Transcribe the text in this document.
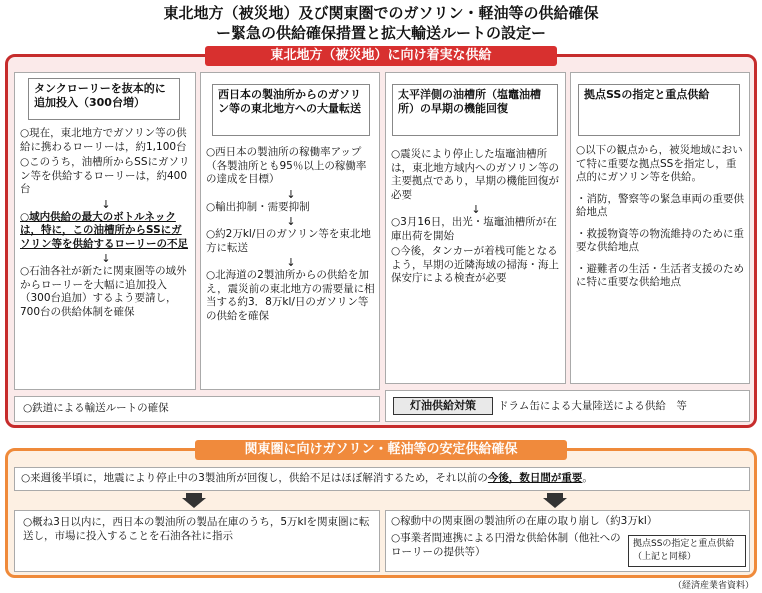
東北地方（被災地）及び関東圏でのガソリン・軽油等の供給確保
ー緊急の供給確保措置と拡大輸送ルートの設定ー
東北地方（被災地）に向け着実な供給
タンクローリーを抜本的に追加投入（300台増）

○現在，東北地方でガソリン等の供給に携わるローリーは，約1,100台

○このうち，油槽所からSSにガソリン等を供給するローリーは，約400台

↓

○域内供給の最大のボトルネックは，特に，この油槽所からSSにガソリン等を供給するローリーの不足

↓

○石油各社が新たに関東圏等の域外からローリーを大幅に追加投入（300台追加）するよう要請し，700台の供給体制を確保

西日本の製油所からのガソリン等の東北地方への大量転送

○西日本の製油所の稼働率アップ（各製油所とも95％以上の稼働率の達成を目標）

↓

○輸出抑制・需要抑制

↓

○約2万kl/日のガソリン等を東北地方に転送

↓

○北海道の2製油所からの供給を加え，震災前の東北地方の需要量に相当する約3．8万kl/日のガソリン等の供給を確保

太平洋側の油槽所（塩竈油槽所）の早期の機能回復

○震災により停止した塩竈油槽所は，東北地方域内へのガソリン等の主要拠点であり，早期の機能回復が必要

↓

○3月16日，出光・塩竈油槽所が在庫出荷を開始

○今後，タンカーが着桟可能となるよう，早期の近隣海域の掃海・海上保安庁による検査が必要

拠点SSの指定と重点供給

○以下の観点から，被災地域において特に重要な拠点SSを指定し，重点的にガソリン等を供給。

・消防，警察等の緊急車両の重要供給地点

・救援物資等の物流維持のために重要な供給地点

・避難者の生活・生活者支援のために特に重要な供給地点

○鉄道による輸送ルートの確保	灯油供給対策	ドラム缶による大量陸送による供給　等
関東圏に向けガソリン・軽油等の安定供給確保
○来週後半頃に，地震により停止中の3製油所が回復し，供給不足はほぼ解消するため，それ以前の今後，数日間が重要。
○概ね3日以内に，西日本の製油所の製品在庫のうち，5万klを関東圏に転送し，市場に投入することを石油各社に指示
○稼動中の関東圏の製油所の在庫の取り崩し（約3万kl）
○事業者間連携による円滑な供給体制（他社へのローリーの提供等）
拠点SSの指定と重点供給（上記と同様）
（経済産業省資料）
